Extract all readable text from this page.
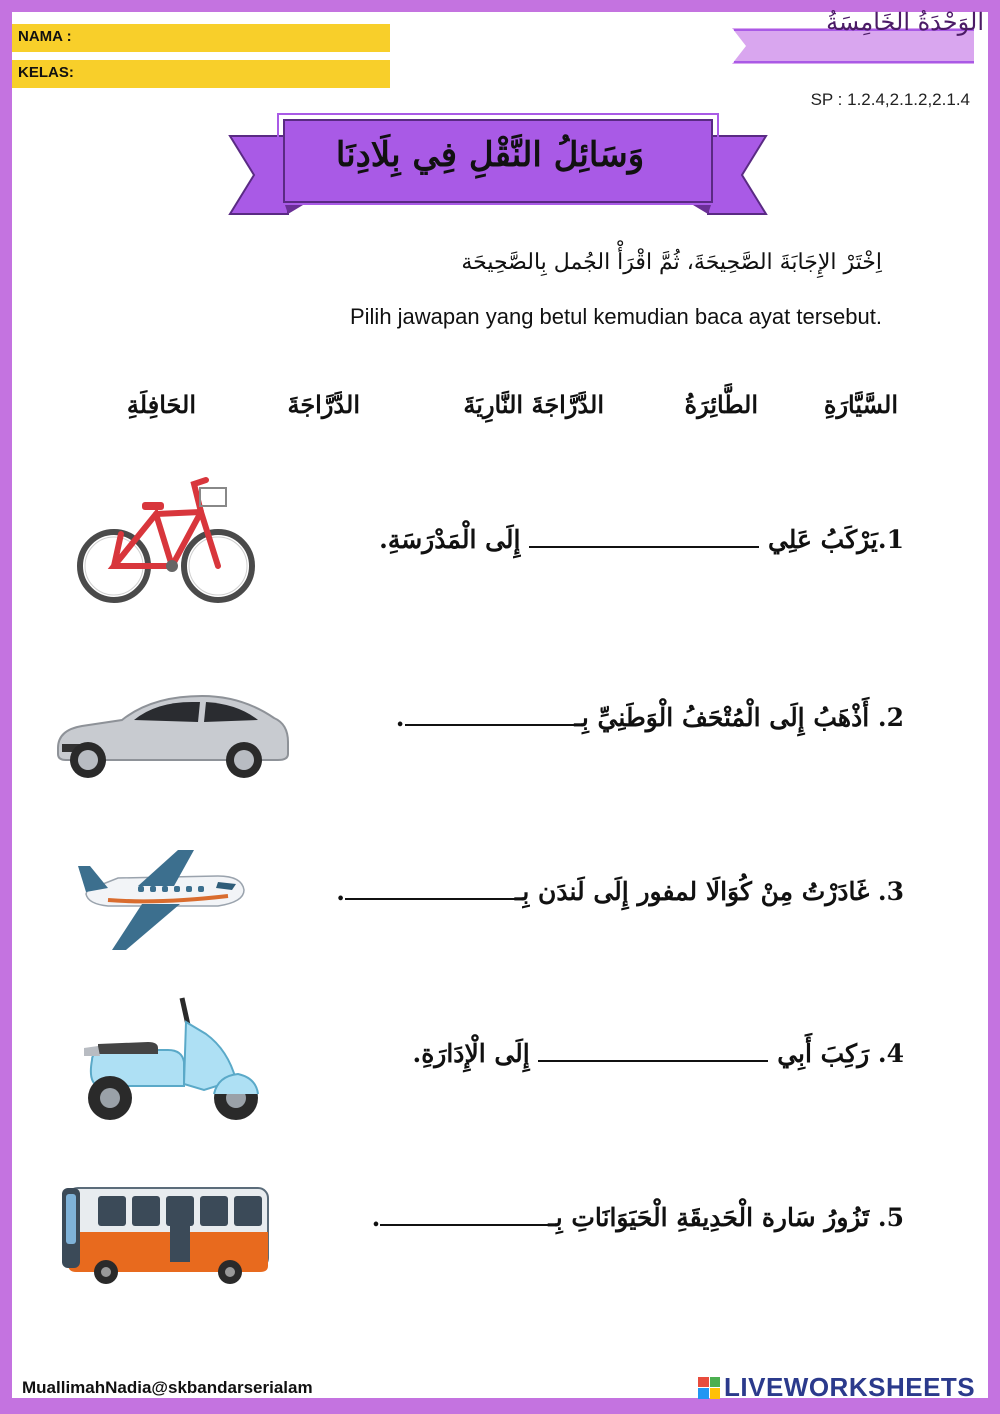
NAMA :
KELAS:
الوَحْدَةُ الخَامِسَةُ
SP : 1.2.4,2.1.2,2.1.4
وَسَائِلُ النَّقْلِ فِي بِلَادِنَا
اِخْتَرْ الإِجَابَةَ الصَّحِيحَةَ، ثُمَّ اقْرَأْ الجُمل بِالصَّحِيحَة
Pilih jawapan yang betul kemudian baca ayat tersebut.
السَّيَّارَةِ
الطَّائِرَةُ
الدَّرَّاجَةَ النَّارِيَةَ
الدَّرَّاجَةَ
الحَافِلَةِ
1.يَرْكَبُ عَلِي  إِلَى الْمَدْرَسَةِ.
2. أَذْهَبُ إِلَى الْمُتْحَفُ الْوَطَنِيِّ بِـ.
3. غَادَرْتُ مِنْ كُوَالَا لمفور إِلَى لَندَن بِـ.
4. رَكِبَ أَبِي  إِلَى الْإِدَارَةِ.
5. تَزُورُ سَارة الْحَدِيقَةِ الْحَيَوَانَاتِ بِـ.
MuallimahNadia@skbandarserialam	LIVEWORKSHEETS
